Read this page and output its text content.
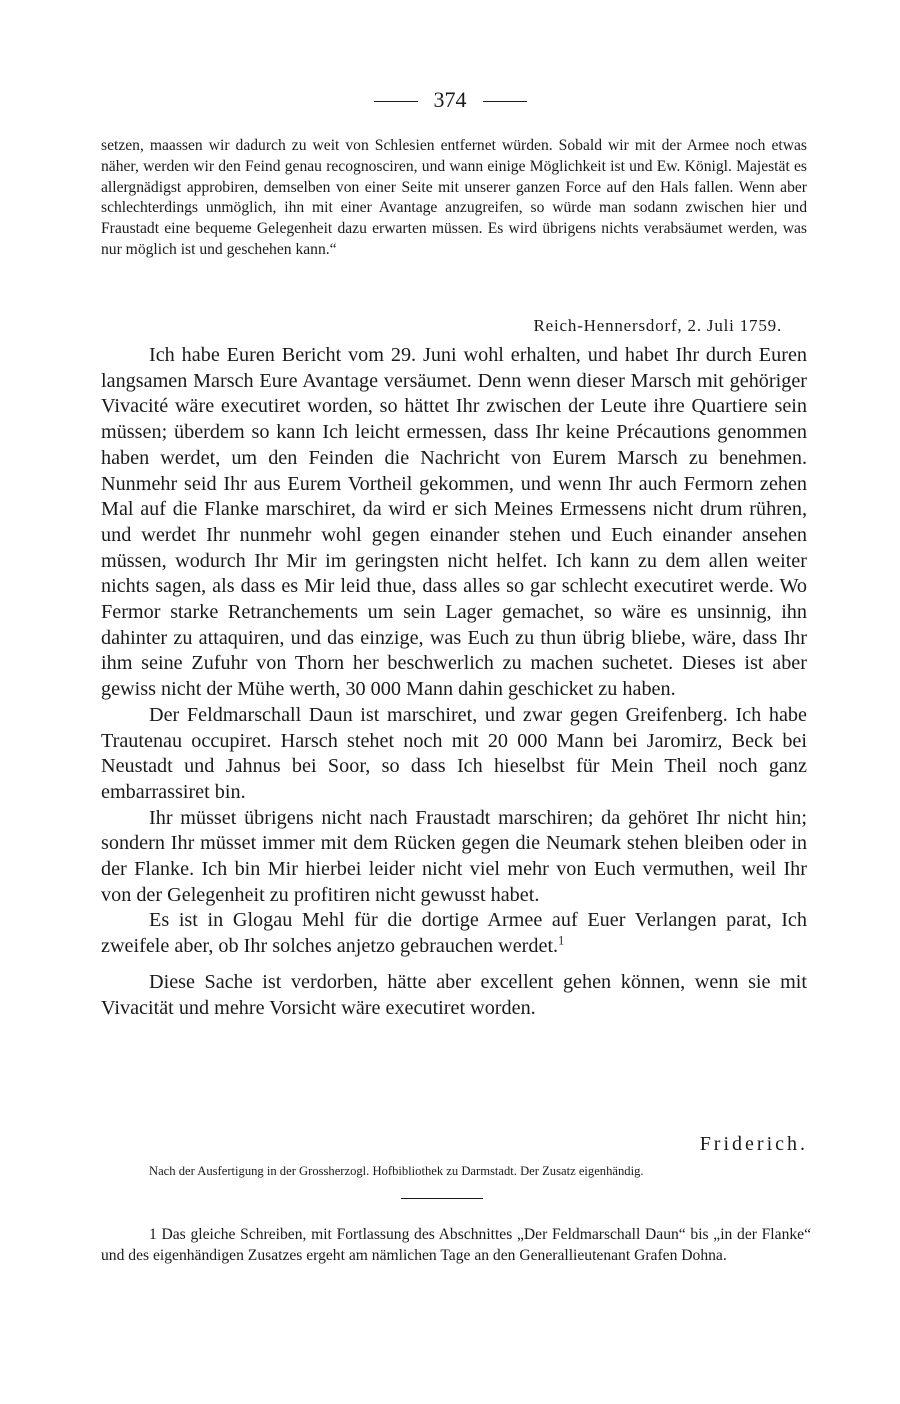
374

setzen, maassen wir dadurch zu weit von Schlesien entfernet würden. Sobald wir mit der Armee noch etwas näher, werden wir den Feind genau recognosciren, und wann einige Möglichkeit ist und Ew. Königl. Majestät es allergnädigst approbiren, demselben von einer Seite mit unserer ganzen Force auf den Hals fallen. Wenn aber schlechterdings unmöglich, ihn mit einer Avantage anzugreifen, so würde man sodann zwischen hier und Fraustadt eine bequeme Gelegenheit dazu erwarten müssen. Es wird übrigens nichts verabsäumet werden, was nur möglich ist und geschehen kann.“

Reich-Hennersdorf, 2. Juli 1759.

Ich habe Euren Bericht vom 29. Juni wohl erhalten, und habet Ihr durch Euren langsamen Marsch Eure Avantage versäumet. Denn wenn dieser Marsch mit gehöriger Vivacité wäre executiret worden, so hättet Ihr zwischen der Leute ihre Quartiere sein müssen; überdem so kann Ich leicht ermessen, dass Ihr keine Précautions genommen haben werdet, um den Feinden die Nachricht von Eurem Marsch zu benehmen. Nunmehr seid Ihr aus Eurem Vortheil gekommen, und wenn Ihr auch Fermorn zehen Mal auf die Flanke marschiret, da wird er sich Meines Ermessens nicht drum rühren, und werdet Ihr nunmehr wohl gegen einander stehen und Euch einander ansehen müssen, wodurch Ihr Mir im geringsten nicht helfet. Ich kann zu dem allen weiter nichts sagen, als dass es Mir leid thue, dass alles so gar schlecht executiret werde. Wo Fermor starke Retranchements um sein Lager gemachet, so wäre es unsinnig, ihn dahinter zu attaquiren, und das einzige, was Euch zu thun übrig bliebe, wäre, dass Ihr ihm seine Zufuhr von Thorn her beschwerlich zu machen suchetet. Dieses ist aber gewiss nicht der Mühe werth, 30 000 Mann dahin geschicket zu haben.

Der Feldmarschall Daun ist marschiret, und zwar gegen Greifenberg. Ich habe Trautenau occupiret. Harsch stehet noch mit 20 000 Mann bei Jaromirz, Beck bei Neustadt und Jahnus bei Soor, so dass Ich hieselbst für Mein Theil noch ganz embarrassiret bin.

Ihr müsset übrigens nicht nach Fraustadt marschiren; da gehöret Ihr nicht hin; sondern Ihr müsset immer mit dem Rücken gegen die Neumark stehen bleiben oder in der Flanke. Ich bin Mir hierbei leider nicht viel mehr von Euch vermuthen, weil Ihr von der Gelegenheit zu profitiren nicht gewusst habet.

Es ist in Glogau Mehl für die dortige Armee auf Euer Verlangen parat, Ich zweifele aber, ob Ihr solches anjetzo gebrauchen werdet.$^1$

Diese Sache ist verdorben, hätte aber excellent gehen können, wenn sie mit Vivacität und mehre Vorsicht wäre executiret worden.

Friderich.

Nach der Ausfertigung in der Grossherzogl. Hofbibliothek zu Darmstadt. Der Zusatz eigenhändig.

1 Das gleiche Schreiben, mit Fortlassung des Abschnittes „Der Feldmarschall Daun“ bis „in der Flanke“ und des eigenhändigen Zusatzes ergeht am nämlichen Tage an den Generallieutenant Grafen Dohna.
